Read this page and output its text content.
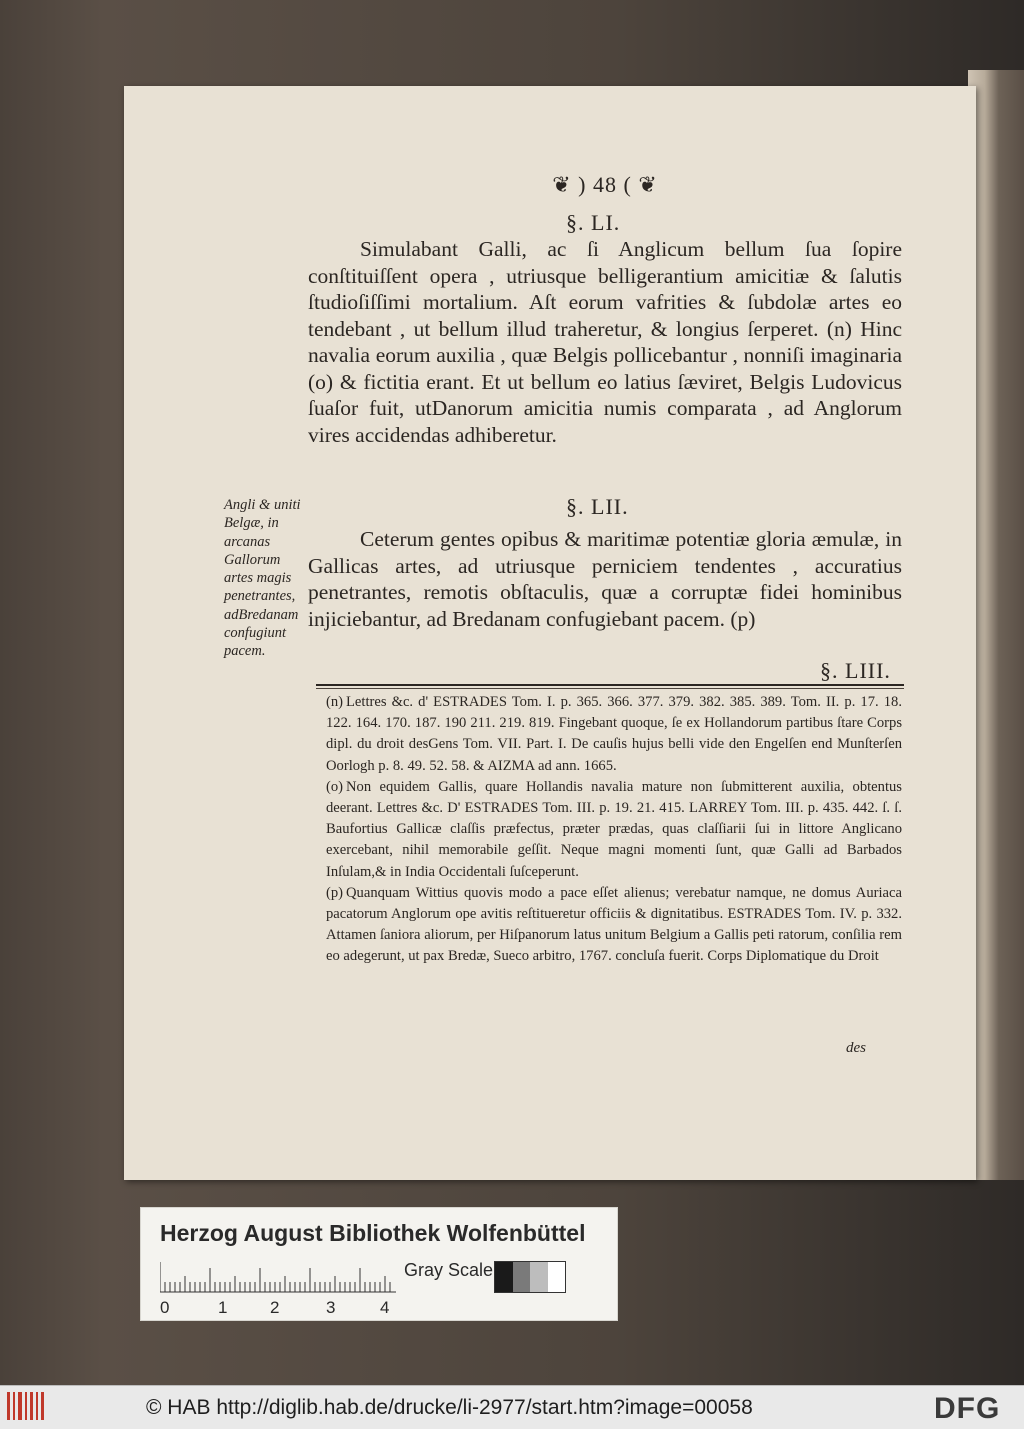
❦ ) 48 ( ❦
§. LI.

Simulabant Galli, ac ſi Anglicum bellum ſua ſopire conſtituiſſent opera , utriusque belligerantium amicitiæ & ſalutis ſtudioſiſſimi mortalium. Aſt eorum vafrities & ſubdolæ artes eo tendebant , ut bellum illud traheretur, & longius ſerperet. (n) Hinc navalia eorum auxilia , quæ Belgis pollicebantur , nonniſi imaginaria (o) & fictitia erant. Et ut bellum eo latius ſæviret, Belgis Ludovicus ſuaſor fuit, utDanorum amicitia numis comparata , ad Anglorum vires accidendas adhiberetur.

§. LII.

Ceterum gentes opibus & maritimæ potentiæ gloria æmulæ, in Gallicas artes, ad utriusque perniciem tendentes , accuratius penetrantes, remotis obſtaculis, quæ a corruptæ fidei hominibus injiciebantur, ad Bredanam confugiebant pacem. (p)

§. LIII.
Angli & uniti Belgæ, in arcanas Gallorum artes magis penetrantes, adBredanam confugiunt pacem.

(n) Lettres &c. d' ESTRADES Tom. I. p. 365. 366. 377. 379. 382. 385. 389. Tom. II. p. 17. 18. 122. 164. 170. 187. 190 211. 219. 819. Fingebant quoque, ſe ex Hollandorum partibus ſtare Corps dipl. du droit desGens Tom. VII. Part. I. De cauſis hujus belli vide den Engelſen end Munſterſen Oorlogh p. 8. 49. 52. 58. & AIZMA ad ann. 1665.

(o) Non equidem Gallis, quare Hollandis navalia mature non ſubmitterent auxilia, obtentus deerant. Lettres &c. D' ESTRADES Tom. III. p. 19. 21. 415. LARREY Tom. III. p. 435. 442. ſ. ſ. Baufortius Gallicæ claſſis præfectus, præter prædas, quas claſſiarii ſui in littore Anglicano exercebant, nihil memorabile geſſit. Neque magni momenti ſunt, quæ Galli ad Barbados Inſulam,& in India Occidentali ſuſceperunt.

(p) Quanquam Wittius quovis modo a pace eſſet alienus; verebatur namque, ne domus Auriaca pacatorum Anglorum ope avitis reſtitueretur officiis & dignitatibus. ESTRADES Tom. IV. p. 332. Attamen ſaniora aliorum, per Hiſpanorum latus unitum Belgium a Gallis peti ratorum, conſilia rem eo adegerunt, ut pax Bredæ, Sueco arbitro, 1767. concluſa fuerit. Corps Diplomatique du Droit

des
Herzog August Bibliothek Wolfenbüttel
Gray Scale
0	1	2	3	4
© HAB http://diglib.hab.de/drucke/li-2977/start.htm?image=00058	DFG
